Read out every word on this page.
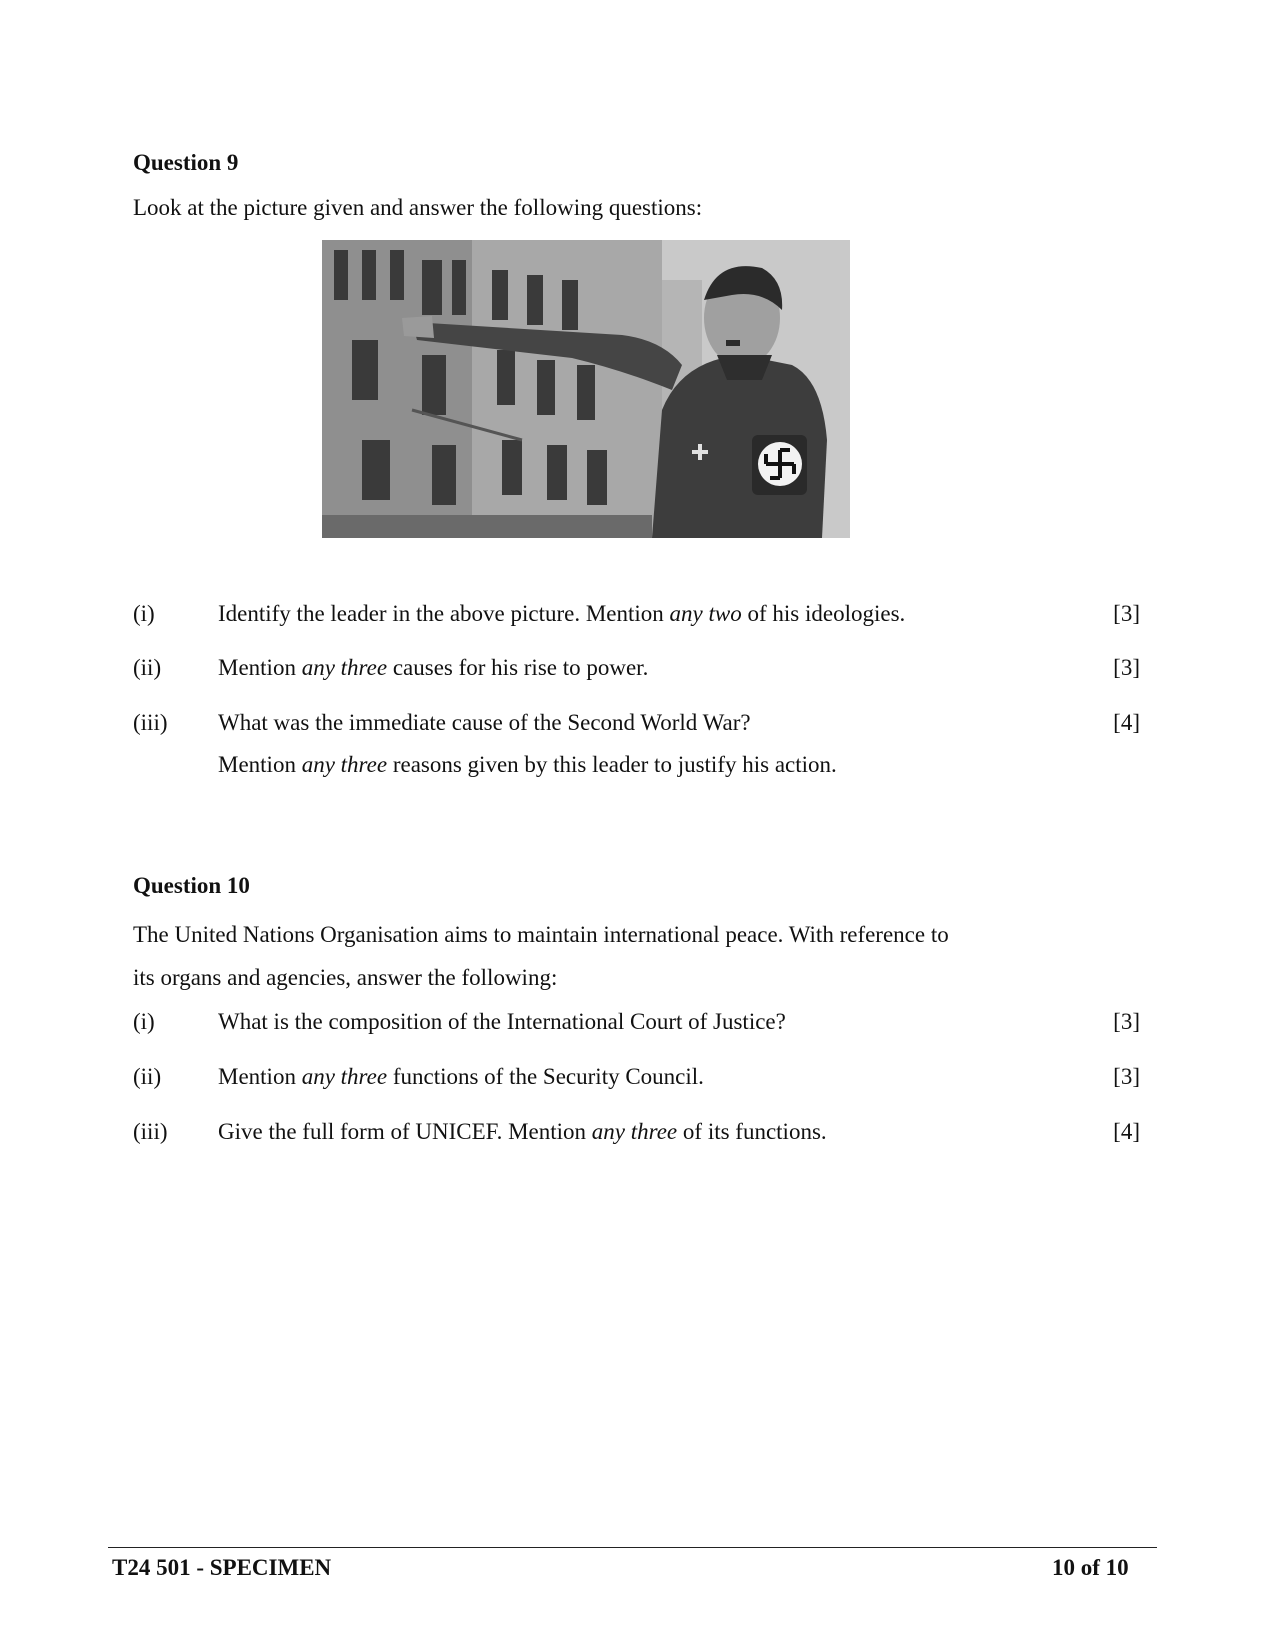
Question 9
Look at the picture given and answer the following questions:
(i)	Identify the leader in the above picture. Mention any two of his ideologies.	[3]
(ii) Mention any three causes for his rise to power.	[3]
(iii) What was the immediate cause of the Second World War?	[4]
Mention any three reasons given by this leader to justify his action.
Question 10
The United Nations Organisation aims to maintain international peace. With reference to
its organs and agencies, answer the following:
(i)	What is the composition of the International Court of Justice?	[3]
(ii) Mention any three functions of the Security Council.	[3]
(iii) Give the full form of UNICEF. Mention any three of its functions.	[4]
T24 501 - SPECIMEN	10 of 10
